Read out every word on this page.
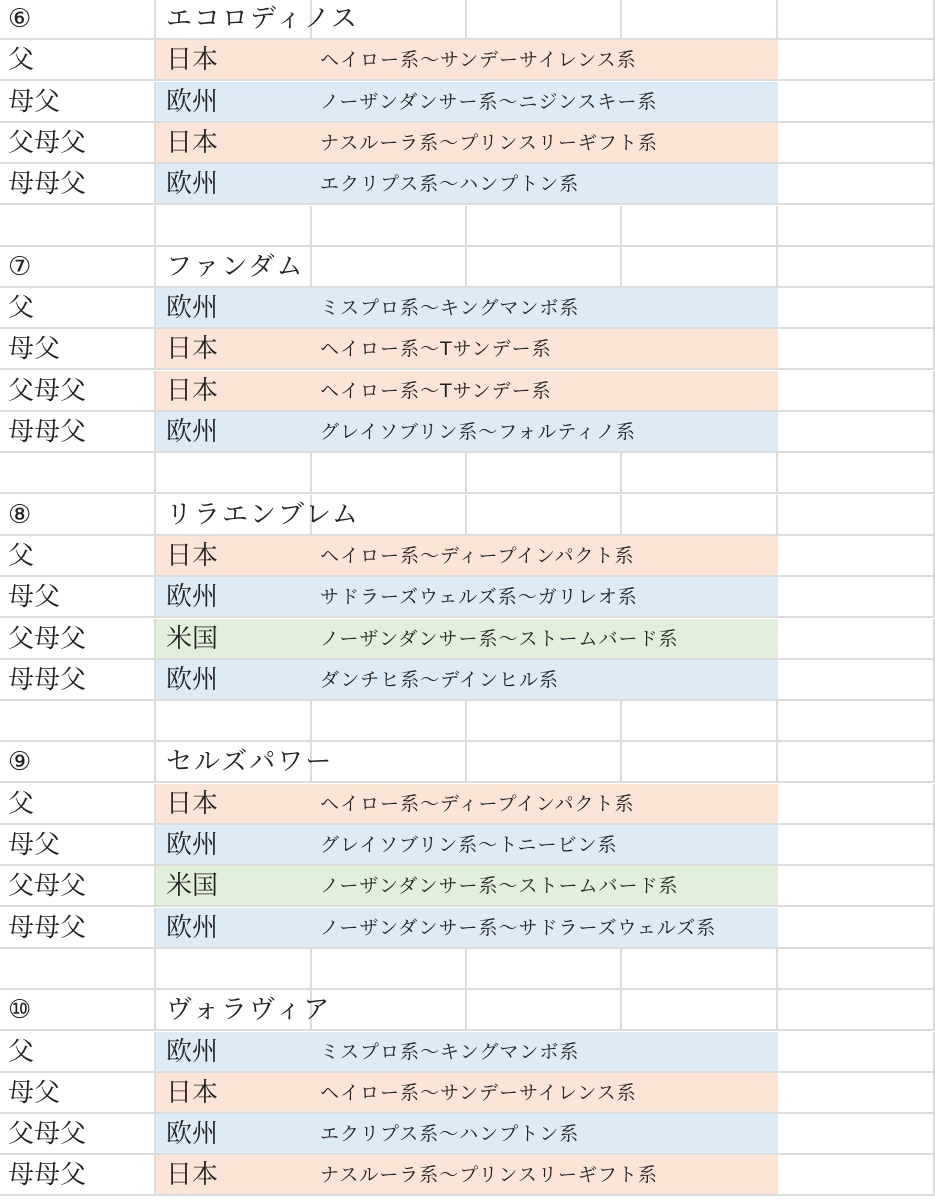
⑥	エコロディノス
父	日本	ヘイロー系〜サンデーサイレンス系
母父	欧州	ノーザンダンサー系〜ニジンスキー系
父母父	日本	ナスルーラ系〜プリンスリーギフト系
母母父	欧州	エクリプス系〜ハンプトン系
⑦	ファンダム
父	欧州	ミスプロ系〜キングマンボ系
母父	日本	ヘイロー系〜Tサンデー系
父母父	日本	ヘイロー系〜Tサンデー系
母母父	欧州	グレイソブリン系〜フォルティノ系
⑧	リラエンブレム
父	日本	ヘイロー系〜ディープインパクト系
母父	欧州	サドラーズウェルズ系〜ガリレオ系
父母父	米国	ノーザンダンサー系〜ストームバード系
母母父	欧州	ダンチヒ系〜デインヒル系
⑨	セルズパワー
父	日本	ヘイロー系〜ディープインパクト系
母父	欧州	グレイソブリン系〜トニービン系
父母父	米国	ノーザンダンサー系〜ストームバード系
母母父	欧州	ノーザンダンサー系〜サドラーズウェルズ系
⑩	ヴォラヴィア
父	欧州	ミスプロ系〜キングマンボ系
母父	日本	ヘイロー系〜サンデーサイレンス系
父母父	欧州	エクリプス系〜ハンプトン系
母母父	日本	ナスルーラ系〜プリンスリーギフト系
